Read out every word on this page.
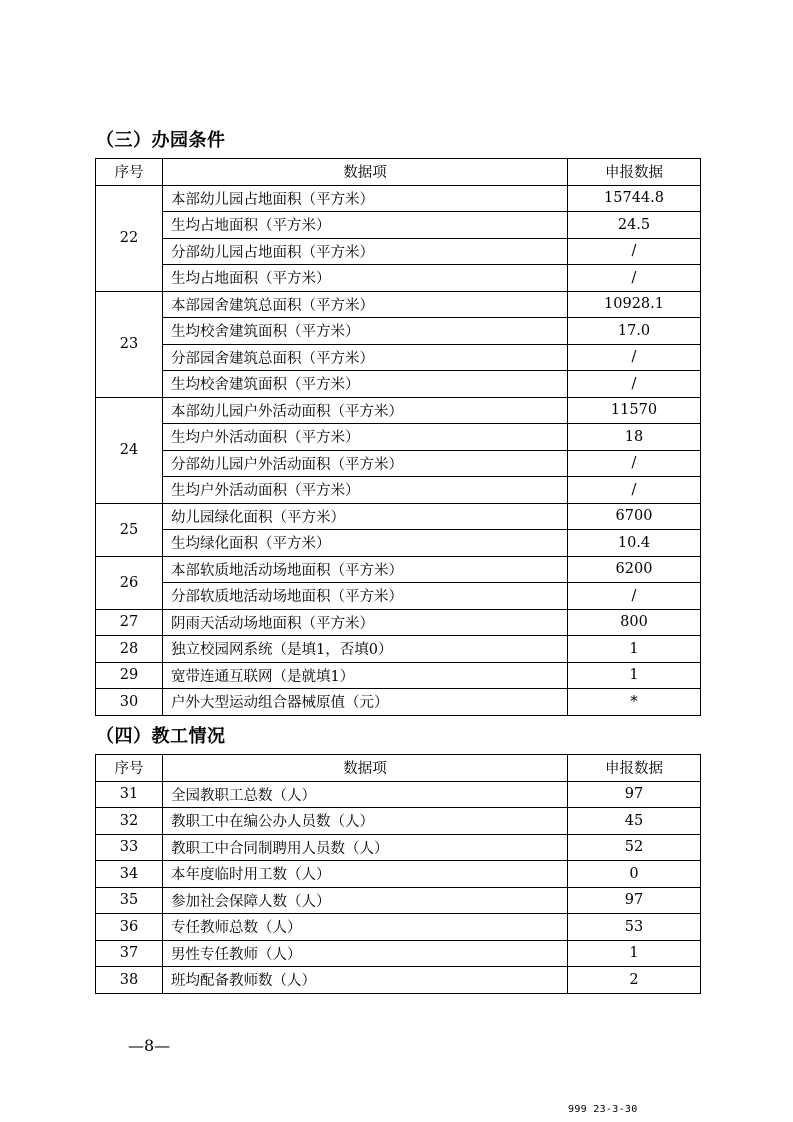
（三）办园条件
序号	数据项	申报数据
22	本部幼儿园占地面积（平方米）	15744.8
	生均占地面积（平方米）	24.5
	分部幼儿园占地面积（平方米）	/
	生均占地面积（平方米）	/
23	本部园舍建筑总面积（平方米）	10928.1
	生均校舍建筑面积（平方米）	17.0
	分部园舍建筑总面积（平方米）	/
	生均校舍建筑面积（平方米）	/
24	本部幼儿园户外活动面积（平方米）	11570
	生均户外活动面积（平方米）	18
	分部幼儿园户外活动面积（平方米）	/
	生均户外活动面积（平方米）	/
25	幼儿园绿化面积（平方米）	6700
	生均绿化面积（平方米）	10.4
26	本部软质地活动场地面积（平方米）	6200
	分部软质地活动场地面积（平方米）	/
27	阴雨天活动场地面积（平方米）	800
28	独立校园网系统（是填1，否填0）	1
29	宽带连通互联网（是就填1）	1
30	户外大型运动组合器械原值（元）	*
（四）教工情况
序号	数据项	申报数据
31	全园教职工总数（人）	97
32	教职工中在编公办人员数（人）	45
33	教职工中合同制聘用人员数（人）	52
34	本年度临时用工数（人）	0
35	参加社会保障人数（人）	97
36	专任教师总数（人）	53
37	男性专任教师（人）	1
38	班均配备教师数（人）	2
—8—
999 23-3-30
